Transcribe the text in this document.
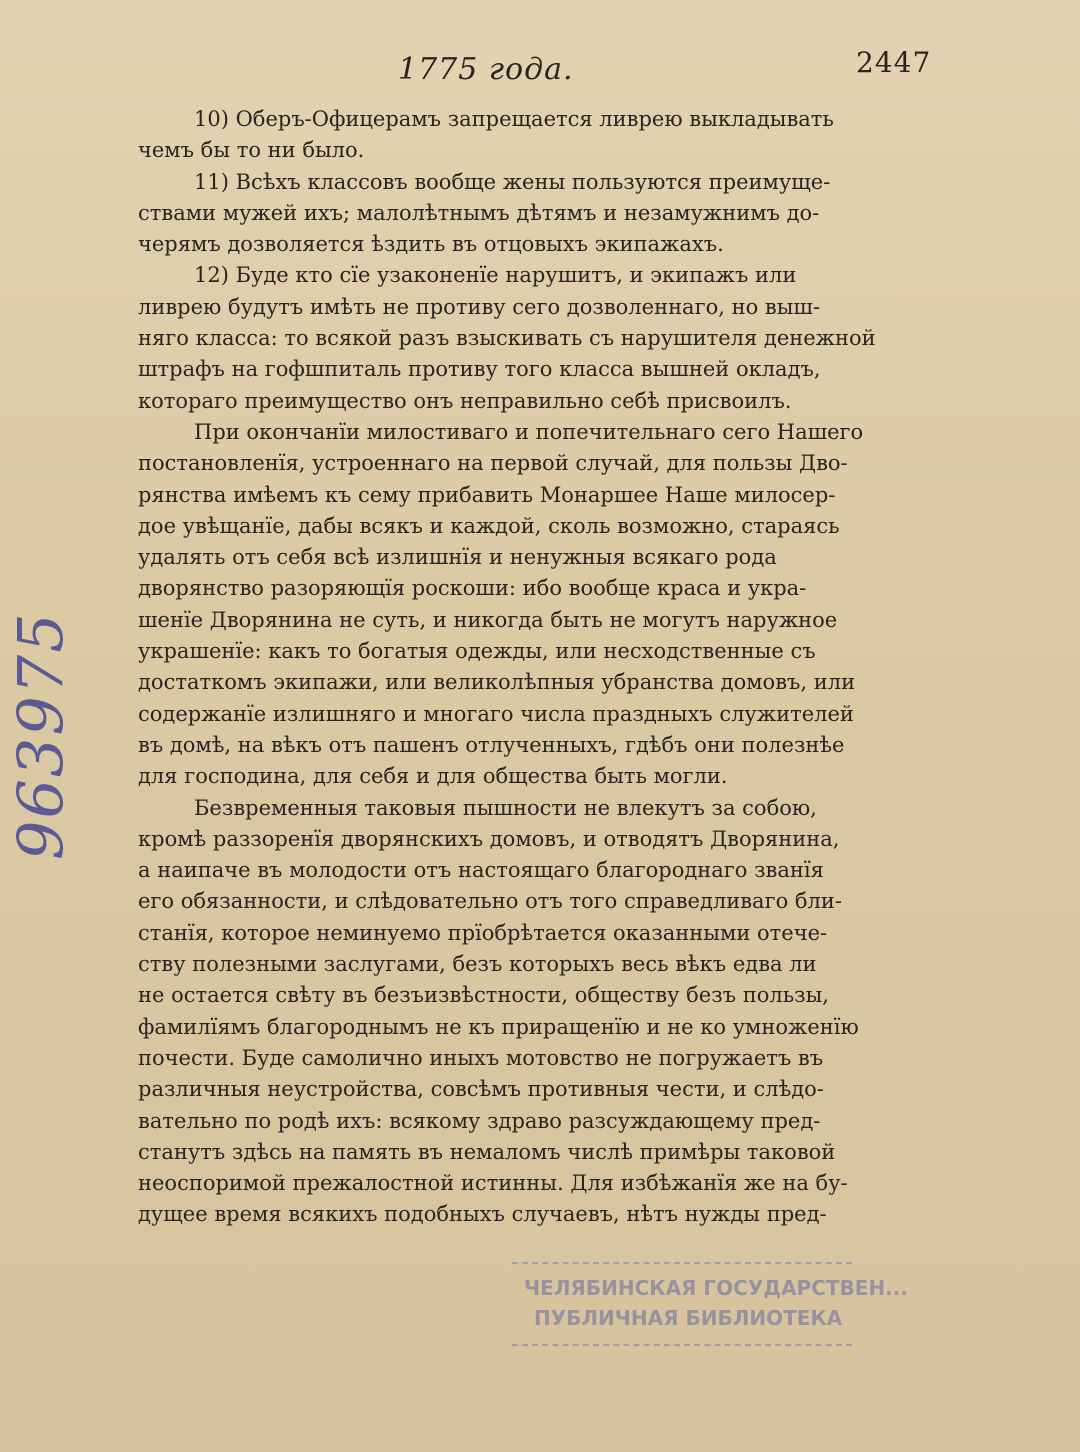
1775 года.	2447
963975

10) Оберъ-Офицерамъ запрещается ливрею выкладывать

чемъ бы то ни было.

11) Всѣхъ классовъ вообще жены пользуются преимуще-

ствами мужей ихъ; малолѣтнымъ дѣтямъ и незамужнимъ до-

черямъ дозволяется ѣздить въ отцовыхъ экипажахъ.

12) Буде кто сїе узаконенїе нарушитъ, и экипажъ или

ливрею будутъ имѣть не противу сего дозволеннаго, но выш-

няго класса: то всякой разъ взыскивать съ нарушителя денежной

штрафъ на гофшпиталь противу того класса вышней окладъ,

котораго преимущество онъ неправильно себѣ присвоилъ.

При окончанїи милостиваго и попечительнаго сего Нашего

постановленїя, устроеннаго на первой случай, для пользы Дво-

рянства имѣемъ къ сему прибавить Монаршее Наше милосер-

дое увѣщанїе, дабы всякъ и каждой, сколь возможно, стараясь

удалять отъ себя всѣ излишнїя и ненужныя всякаго рода

дворянство разоряющїя роскоши: ибо вообще краса и укра-

шенїе Дворянина не суть, и никогда быть не могутъ наружное

украшенїе: какъ то богатыя одежды, или несходственные съ

достаткомъ экипажи, или великолѣпныя убранства домовъ, или

содержанїе излишняго и многаго числа праздныхъ служителей

въ домѣ, на вѣкъ отъ пашенъ отлученныхъ, гдѣбъ они полезнѣе

для господина, для себя и для общества быть могли.

Безвременныя таковыя пышности не влекутъ за собою,

кромѣ раззоренїя дворянскихъ домовъ, и отводятъ Дворянина,

а наипаче въ молодости отъ настоящаго благороднаго званїя

его обязанности, и слѣдовательно отъ того справедливаго бли-

станїя, которое неминуемо прїобрѣтается оказанными отече-

ству полезными заслугами, безъ которыхъ весь вѣкъ едва ли

не остается свѣту въ безъизвѣстности, обществу безъ пользы,

фамилїямъ благороднымъ не къ приращенїю и не ко умноженїю

почести. Буде самолично иныхъ мотовство не погружаетъ въ

различныя неустройства, совсѣмъ противныя чести, и слѣдо-

вательно по родѣ ихъ: всякому здраво разсуждающему пред-

станутъ здѣсь на память въ немаломъ числѣ примѣры таковой

неоспоримой прежалостной истинны. Для избѣжанїя же на бу-

дущее время всякихъ подобныхъ случаевъ, нѣтъ нужды пред-

ЧЕЛЯБИНСКАЯ ГОСУДАРСТВЕН...
ПУБЛИЧНАЯ БИБЛИОТЕКА
